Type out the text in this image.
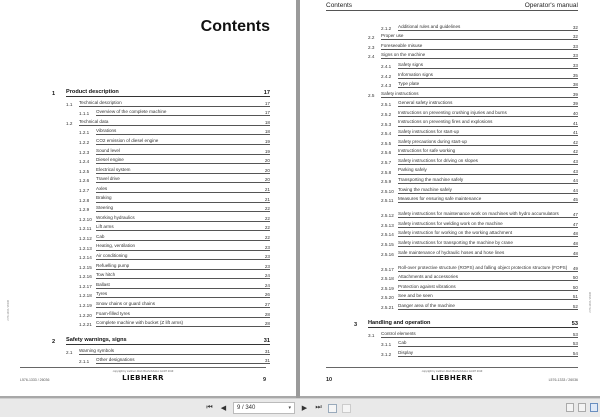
Contents
1	Product description	17
1.1	Technical description	17
1.1.1	Overview of the complete machine	17
1.2	Technical data	18
1.2.1	Vibrations	18
1.2.2	CO2 emission of diesel engine	19
1.2.3	Sound level	19
1.2.4	Diesel engine	20
1.2.5	Electrical system	20
1.2.6	Travel drive	20
1.2.7	Axles	21
1.2.8	Braking	21
1.2.9	Steering	22
1.2.10 Working hydraulics	22
1.2.11 Lift arms	22
1.2.12 Cab	22
1.2.13 Heating, ventilation	23
1.2.14 Air conditioning	23
1.2.15 Refuelling pump	23
1.2.16 Tow hitch	24
1.2.17 Ballast	24
1.2.18 Tyres	26
1.2.19 Snow chains or guard chains	27
1.2.20 Foam-filled tyres	28
1.2.21 Complete machine with bucket (Z lift arms)	28
2	Safety warnings, signs	31
2.1	Warning symbols	31
2.1.1	Other designations	31
L576-1333 / 26036
copyright by Liebherr-Werk Bischofshofen GmbH 2019
LIEBHERR
L576-1333 / 26036	9
Contents	Operator's manual
2.1.2	Additional rules and guidelines	32
2.2	Proper use	32
2.3	Foreseeable misuse	33
2.4	Signs on the machine	33
2.4.1	Safety signs	33
2.4.2	Information signs	35
2.4.3	Type plate	38
2.5	Safety instructions	39
2.5.1	General safety instructions	39
2.5.2	Instructions on preventing crushing injuries and burns	40
2.5.3	Instructions on preventing fires and explosions	41
2.5.4	Safety instructions for start-up	41
2.5.5	Safety precautions during start-up	42
2.5.6	Instructions for safe working	42
2.5.7	Safety instructions for driving on slopes	43
2.5.8	Parking safely	43
2.5.9	Transporting the machine safely	44
2.5.10 Towing the machine safely	44
2.5.11 Measures for ensuring safe maintenance	45
2.5.12 Safety instructions for maintenance work on machines with hydro accumulators	47
2.5.13 Safety instructions for welding work on the machine	47
2.5.14 Safety instruction for working on the working attachment	48
2.5.15 Safety instructions for transporting the machine by crane	48
2.5.16 Safe maintenance of hydraulic hoses and hose lines	48
2.5.17 Roll-over protective structure (ROPS) and falling object protection structure (FOPS)	49
2.5.18 Attachments and accessories	50
2.5.19 Protection against vibrations	50
2.5.20 See and be seen	51
2.5.21 Danger area of the machine	52
3	Handling and operation	53
3.1	Control elements	53
3.1.1	Cab	53
3.1.2	Display	54
L576-1333 / 26036
copyright by Liebherr-Werk Bischofshofen GmbH 2019
LIEBHERR	L576-1333 / 26036
10
⏮ ◀	9 / 340	▾ ▶ ⏭
